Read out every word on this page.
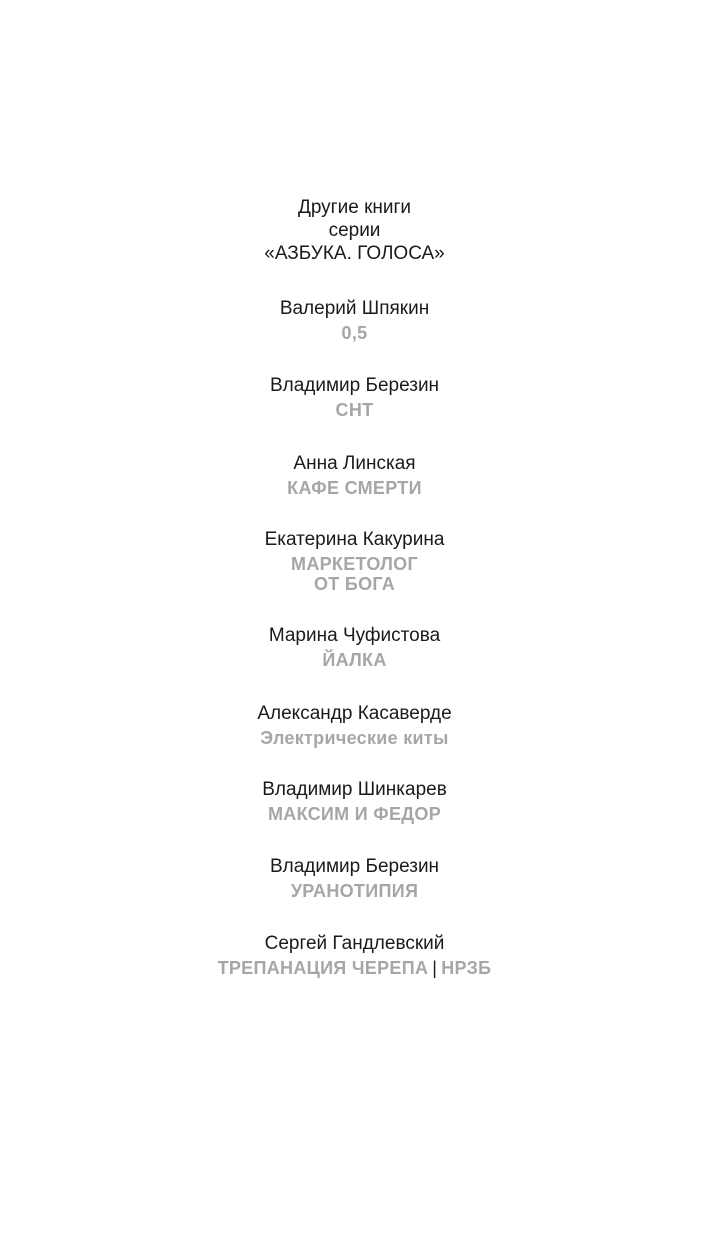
Другие книги
серии
«АЗБУКА. ГОЛОСА»
Валерий Шпякин
0,5
Владимир Березин
СНТ
Анна Линская
КАФЕ СМЕРТИ
Екатерина Какурина
МАРКЕТОЛОГ
ОТ БОГА
Марина Чуфистова
ЙАЛКА
Александр Касаверде
Электрические киты
Владимир Шинкарев
МАКСИМ И ФЕДОР
Владимир Березин
УРАНОТИПИЯ
Сергей Гандлевский
ТРЕПАНАЦИЯ ЧЕРЕПА | НРЗБ
